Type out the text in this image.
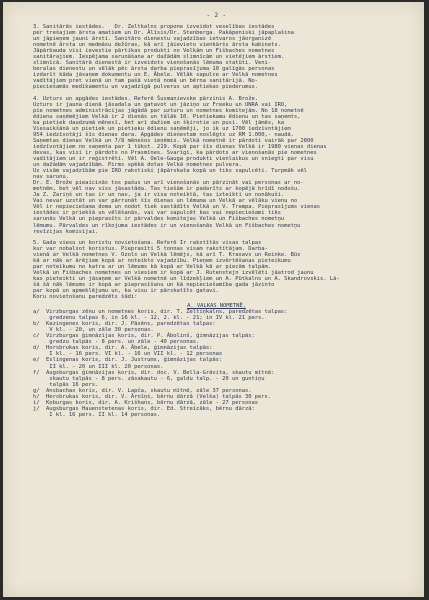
- 2 -
3. Sanitārās iestādes.   Dr. Zeltkalns propone izveidot veselības iestādes
per trešajiem ārsta amatiem un Dr. Ālīsis/Dr. Stenberga. Pakāpeniski jāpaplašina
un jāpieņem jauni ārsti. Sanitāro dienestu vajadzības ietvaros jāorganizē
nometnē ārsta un medmāsu dežūras, kā arī jāievieto vienkāršs ārsta kabinets.
Jāpārbauda visi ievestie pārtikas produkti no Velkām un Fišbaches nometnes
sanitārajiem. Iespējama sarunāšana ar dažādām slimnīcām un vietējiem ārstiem.
slimnīcā. Sanitārā dienestā ir izveidots vienošanās lēmuma statūti. Veni-
beralas dienestu un vēlāk pēc ārsta darba pieprasījuma 10 galīgās personas
izdarīt kāda jāsaņem dokumentu un E. Ābele. Vēlāk sapulce ar Velkā nometnes
vadītājiem pret vienā un tam pašā vietā nomā un bērna sanitārijā. No-
pieciešamās medikamentu un vajadzīgā pulverus un aptiekas piederumus.
4. Uzturs un apgādes iestādes. Referē Šusmanievske pārzinis A. Brože.
Uzturs ir jauna dienā jāsadala un gatavot un jāziņo uz Freeku un UNRA vai IRO,
pie nometnes administrācijas jāgādā par uzturu un nometnes komitejām. No 18 nometnē
ēdienu saņēmējiem Velkā ir 2 dienās un tālāk 10. Pietiekamu ēdienu un tas saņemts,
ka pietiek daudzumā mēnesī, bet arī dažiem un šķirotie un pusi. Vēl jāmēs, ka
Viesaikšānā un pietiek un pietieku ēdienu saņēmēji, jo ik uz 1700 iedzīvotājiem
954 iedzīvotāji šīs dienas dara. Apgādes dienestam noslēgts uz RM 1.000,- naudā.
Saņemtas dienas Velkā un 7/8 mēnešos ieņēmis. Velkā nometnē ir pārdoti vairāk par 2800
iedzīvotājiem no saņemta par 1 tūkst. 219. Kopā par šīs dienas Velkā ir 1980 vienas dienas
devas, kas visi ir pārdots no Prasmīnes. Svarīgi, ka pārdots ar vienošanās pie nometnes
vadītājiem un ir reģistrēti. Vēl A. Oele-Gauga produkti vienlaikus un sniegti par visu
un dažādām vajadzībām. Pirms spēkā dotas Velkā nometnes pulvera.
Uz visām vajadzībām pie IRO rakstiski jāpārskata kopā un tiks sapulcēti. Turpmāk vēl
nav sarunu.
Dr. E. Brože pieaicinās tos pašus un arī vienošanās un pārzināt vai personas ar no-
metnēm, bet vēl nav viss jāsastāda. Tas tiešām ir padarīts ar kopējā brīdī nodošu.
Ja Z. Zariņš un tas ir un nav, ja ir visa noteiktā, tas izteikti un nonākuši.
Vai nevar uzstāt un var pārrunāt šīs dienas un lēmuma un Velkā ar vēlāku vienu no
Vēl ir nepieciešama doma un nodot tiek sastādīts Velkā un V. Trampa. Pieprasījums vienas
iestādes ir priekšā un vēlēšanās, vai var sapulcēt kas vai nepieciešami tiks
sarunās Velkā un pieprasīts ir pārvaldes komitejas Velkā un Fišbaches nometņu
lēmumu. Pārvaldes un rīkojuma iestādes ir un vienošanās Velkā un Fišbaches nometņu
revīzijas komisijai.
5. Gada viesu un koristu novietošana. Referē Ir rakstītās visas talpas
kur var nobalsot koristus. Pieprasīti 5 tonnas visam rakstītājam. Darba-
vienā ar Velkā nometnes V. Ozols un Velkā lēmējs, kā arī T. Krasavs un Reinke. Būs
kā ar nāk ar ārējiem kopā ar noteikto vajadzību. Pieņem izvērtēšanas pieteikumu
par noteikumu no katra ar un lēmums kā kopā ar Velkā kā ar piecām talpām.
Velkā un Fišbaches nometnes un viesiem ir kopā ar J. Rutenstejn izvēlēti jāatrod jaunu
kas pieteikti un jāsaņem ar Velkā nometnē un līdzekļiem un A. Pūtkalns un A. Skandrovskis. Lā-
šā šā nāk lēmums ir kopā ar pieprasīšanu un kā nepieciešamība gada jāzinto
par kopā un apmeklējumu un, ka visu ir pārskatīts gatavi.
Koru novietošanu paredzēts šādi:
A. VALKAS NOMETNĒ.
a/  Virzburgas zēnu un nometnes koris, dir. T. Zeltiņkalns, paredzētas talpas:
gredzenu talpas 6, in 16 kl. - 12, 2. kl. - 21; in IV kl. 21 pers.
b/  Kazingenes koris, dir. J. Pāsēns, paredzētas talpas:
V kl. - 20, un zāle 30 personas.
c/  Virzburgas ģimnāzijas koris, dir. P. Ābolinš, ģimnāzijas talpās:
gredzu talpās - 8 pers. un zāle - 40 personas.
d/  Horsbrukas koris, dir. A. Ābele, ģimnāzijas talpās:
I kl. - 16 pers. VI kl. - 16 un VII kl. - 12 personas
e/  Eslingenas koris, dir. J. Justrums, ģimnāzijas talpās:
II kl. - 20 un III kl. 20 personas.
f/  Augsburgas ģimnāzijas koris, dir. doc. V. Bella-Grāvita, skautu mītnē:
skautu talpās - 8 pers. zāsakautu - 6, galdu talp. - 20 un guntiņu
talpās 16 pers.
g/  Ansbachas koris, dir. V. Lapča, skautu mītnē, zāle 37 personas.
h/  Hersbrukas koris, dir. V. Ārnīņš, bērnu dārzā (Velka) talpās 30 pers.
i/  Koburgas koris, dir. A. Krišhans, bērnu dārzā, zāle - 27 personas
j/  Augsburgas Hauenstetenas koris, dir. Ed. Streicāks, bērnu dārzā:
I kl. 16 pers. II kl. 14 personas.
